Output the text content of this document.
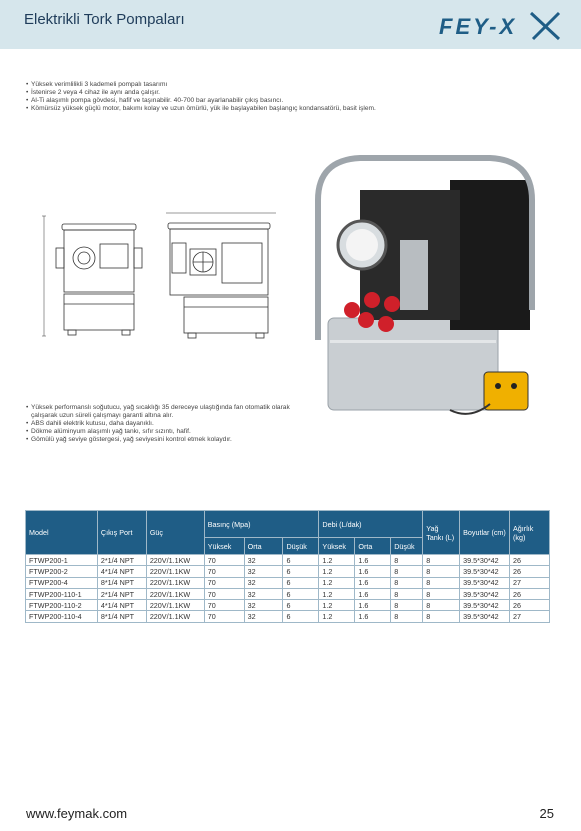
Elektrikli Tork Pompaları	FEY-X
• Yüksek verimlilikli 3 kademeli pompalı tasarımı
• İstenirse 2 veya 4 cihaz ile aynı anda çalışır.
• Al-Ti alaşımlı pompa gövdesi, hafif ve taşınabilir. 40-700 bar ayarlanabilir çıkış basıncı.
• Kömürsüz yüksek güçlü motor, bakımı kolay ve uzun ömürlü, yük ile başlayabilen başlangıç kondansatörü, basit işlem.
• Yüksek performanslı soğutucu, yağ sıcaklığı 35 dereceye ulaştığında fan otomatik olarak çalışarak uzun süreli çalışmayı garanti altına alır.
• ABS dahili elektrik kutusu, daha dayanıklı.
• Dökme alüminyum alaşımlı yağ tankı, sıfır sızıntı, hafif.
• Gömülü yağ seviye göstergesi, yağ seviyesini kontrol etmek kolaydır.
Model	Çıkış Port	Güç	Basınç (Mpa)			Debi (L/dak)			Yağ Tankı (L)	Boyutlar (cm)	Ağırlık (kg)
			Yüksek	Orta	Düşük	Yüksek	Orta	Düşük			
FTWP200-1	2*1/4 NPT	220V/1.1KW	70	32	6	1.2	1.6	8	8	39.5*30*42	26
FTWP200-2	4*1/4 NPT	220V/1.1KW	70	32	6	1.2	1.6	8	8	39.5*30*42	26
FTWP200-4	8*1/4 NPT	220V/1.1KW	70	32	6	1.2	1.6	8	8	39.5*30*42	27
FTWP200-110-1	2*1/4 NPT	220V/1.1KW	70	32	6	1.2	1.6	8	8	39.5*30*42	26
FTWP200-110-2	4*1/4 NPT	220V/1.1KW	70	32	6	1.2	1.6	8	8	39.5*30*42	26
FTWP200-110-4	8*1/4 NPT	220V/1.1KW	70	32	6	1.2	1.6	8	8	39.5*30*42	27
www.feymak.com	25
